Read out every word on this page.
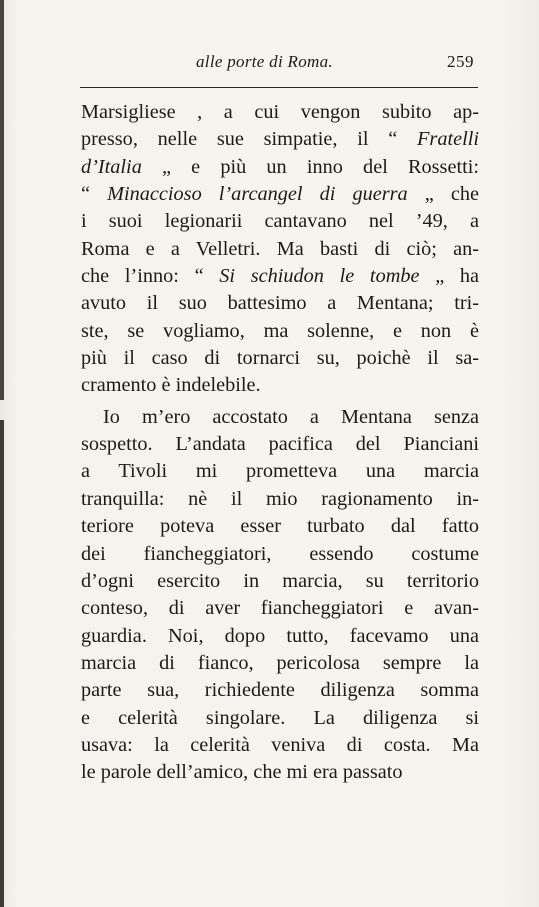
alle porte di Roma.	259
Marsigliese , a cui vengon subito ap-
presso, nelle sue simpatie, il “ Fratelli
d’Italia „ e più un inno del Rossetti:
“ Minaccioso l’arcangel di guerra „ che
i suoi legionarii cantavano nel ’49, a
Roma e a Velletri. Ma basti di ciò; an-
che l’inno: “ Si schiudon le tombe „ ha
avuto il suo battesimo a Mentana; tri-
ste, se vogliamo, ma solenne, e non è
più il caso di tornarci su, poichè il sa-
cramento è indelebile.
Io m’ero accostato a Mentana senza
sospetto. L’andata pacifica del Pianciani
a Tivoli mi prometteva una marcia
tranquilla: nè il mio ragionamento in-
teriore poteva esser turbato dal fatto
dei fiancheggiatori, essendo costume
d’ogni esercito in marcia, su territorio
conteso, di aver fiancheggiatori e avan-
guardia. Noi, dopo tutto, facevamo una
marcia di fianco, pericolosa sempre la
parte sua, richiedente diligenza somma
e celerità singolare. La diligenza si
usava: la celerità veniva di costa. Ma
le parole dell’amico, che mi era passato
